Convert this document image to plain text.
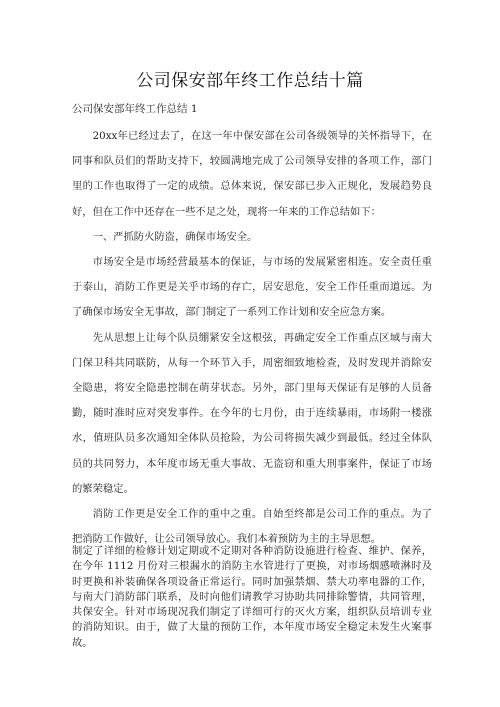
公司保安部年终工作总结十篇
公司保安部年终工作总结 1

20xx年已经过去了，在这一年中保安部在公司各级领导的关怀指导下，在同事和队员们的帮助支持下，较圆满地完成了公司领导安排的各项工作，部门里的工作也取得了一定的成绩。总体来说，保安部已步入正规化，发展趋势良好，但在工作中还存在一些不足之处，现将一年来的工作总结如下：

一、严抓防火防盗，确保市场安全。

市场安全是市场经营最基本的保证，与市场的发展紧密相连。安全责任重于泰山，消防工作更是关乎市场的存亡，居安思危，安全工作任重而道远。为了确保市场安全无事故，部门制定了一系列工作计划和安全应急方案。

先从思想上让每个队员绷紧安全这根弦，再确定安全工作重点区域与南大门保卫科共同联防，从每一个环节入手，周密细致地检查，及时发现并消除安全隐患，将安全隐患控制在萌芽状态。另外，部门里每天保证有足够的人员备勤，随时准时应对突发事件。在今年的七月份，由于连续暴雨，市场附一楼涨水，值班队员多次通知全体队员抢险，为公司将损失减少到最低。经过全体队员的共同努力，本年度市场无重大事故、无盗窃和重大刑事案件，保证了市场的繁荣稳定。

消防工作更是安全工作的重中之重。自始至终都是公司工作的重点。为了把消防工作做好，让公司领导放心。我们本着预防为主的主导思想。

制定了详细的检修计划定期或不定期对各种消防设施进行检查、维护、保养，在今年 1112 月份对三根漏水的消防主水管进行了更换，对市场烟感喷淋时及时更换和补装确保各项设备正常运行。同时加强禁烟、禁大功率电器的工作，与南大门消防部门联系，及时向他们请教学习协助共同排除警情，共同管理，共保安全。针对市场现况我们制定了详细可行的灭火方案，组织队员培训专业的消防知识。由于，做了大量的预防工作，本年度市场安全稳定未发生火案事故。
